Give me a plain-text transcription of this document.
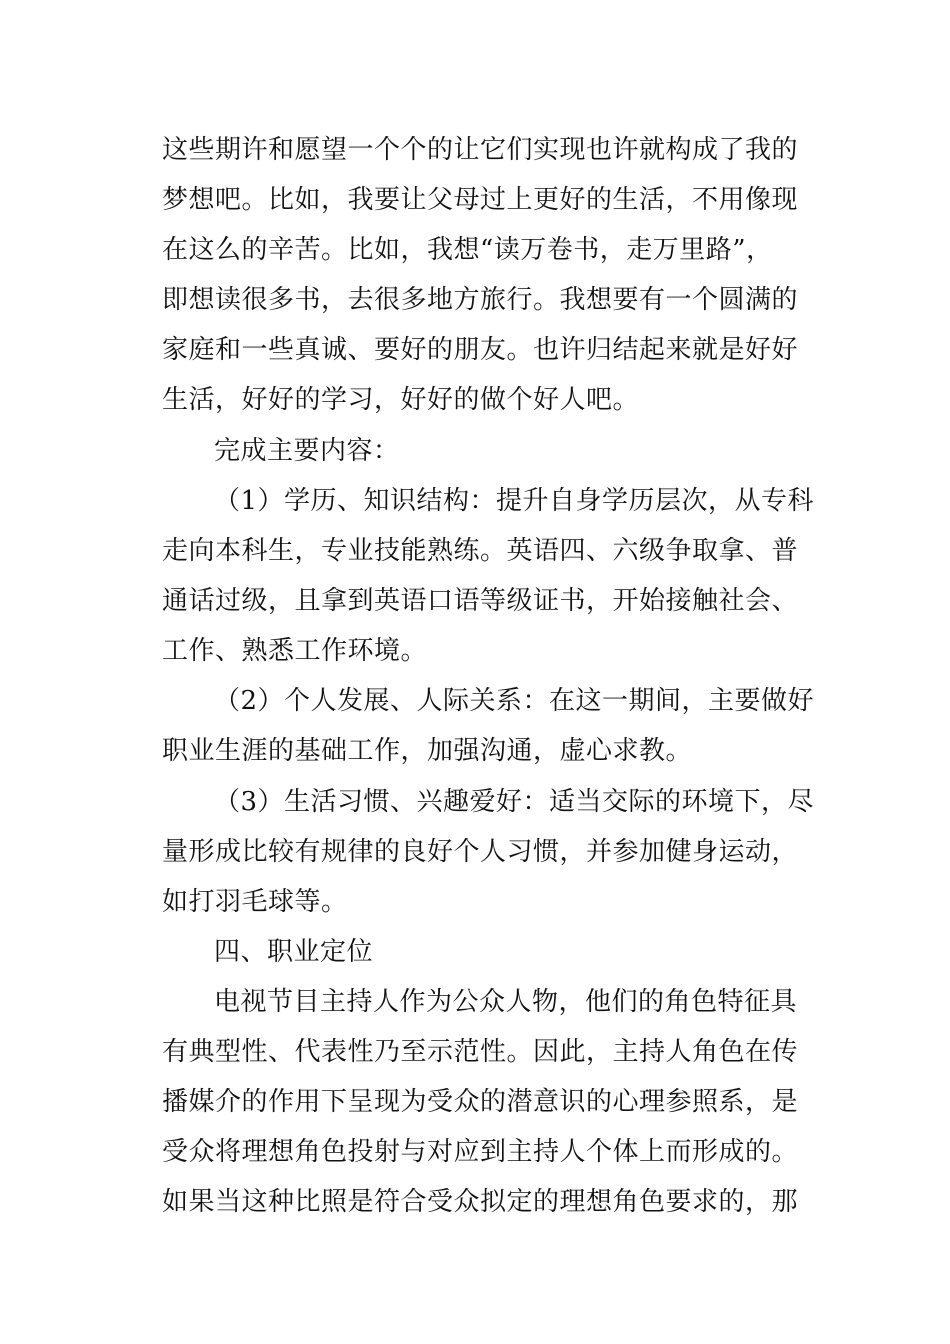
这些期许和愿望一个个的让它们实现也许就构成了我的
梦想吧。比如，我要让父母过上更好的生活，不用像现
在这么的辛苦。比如，我想“读万卷书，走万里路”，
即想读很多书，去很多地方旅行。我想要有一个圆满的
家庭和一些真诚、要好的朋友。也许归结起来就是好好
生活，好好的学习，好好的做个好人吧。
完成主要内容：
（1）学历、知识结构：提升自身学历层次，从专科
走向本科生，专业技能熟练。英语四、六级争取拿、普
通话过级，且拿到英语口语等级证书，开始接触社会、
工作、熟悉工作环境。
（2）个人发展、人际关系：在这一期间，主要做好
职业生涯的基础工作，加强沟通，虚心求教。
（3）生活习惯、兴趣爱好：适当交际的环境下，尽
量形成比较有规律的良好个人习惯，并参加健身运动，
如打羽毛球等。
四、职业定位
电视节目主持人作为公众人物，他们的角色特征具
有典型性、代表性乃至示范性。因此，主持人角色在传
播媒介的作用下呈现为受众的潜意识的心理参照系，是
受众将理想角色投射与对应到主持人个体上而形成的。
如果当这种比照是符合受众拟定的理想角色要求的，那
